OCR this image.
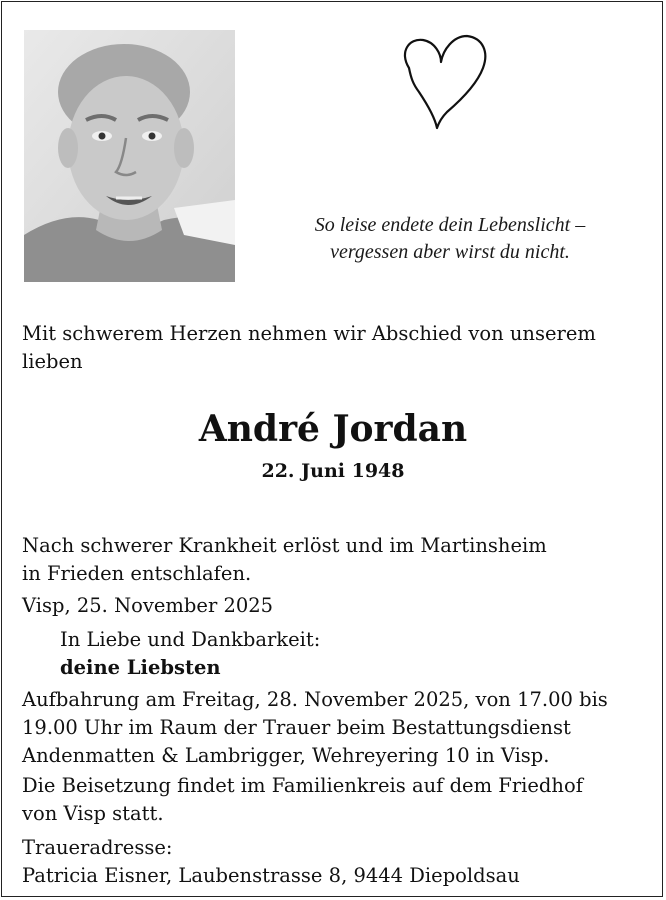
So leise endete dein Lebenslicht –
vergessen aber wirst du nicht.
Mit schwerem Herzen nehmen wir Abschied von unserem
lieben
André Jordan
22. Juni 1948
Nach schwerer Krankheit erlöst und im Martinsheim
in Frieden entschlafen.
Visp, 25. November 2025
In Liebe und Dankbarkeit:
deine Liebsten
Aufbahrung am Freitag, 28. November 2025, von 17.00 bis
19.00 Uhr im Raum der Trauer beim Bestattungsdienst
Andenmatten & Lambrigger, Wehreyering 10 in Visp.
Die Beisetzung findet im Familienkreis auf dem Friedhof
von Visp statt.
Traueradresse:
Patricia Eisner, Laubenstrasse 8, 9444 Diepoldsau
